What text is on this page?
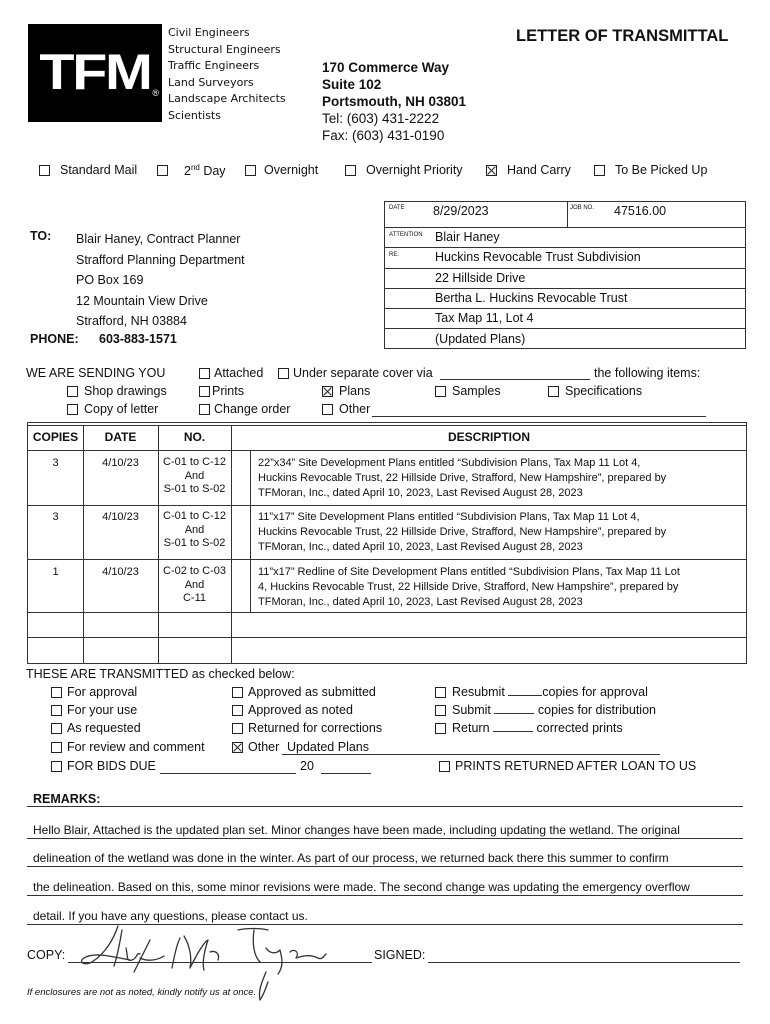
TFM ®
Civil Engineers
Structural Engineers
Traffic Engineers
Land Surveyors
Landscape Architects
Scientists
170 Commerce Way
Suite 102
Portsmouth, NH 03801
Tel: (603) 431-2222
Fax: (603) 431-0190
LETTER OF TRANSMITTAL
Standard Mail	2nd Day	Overnight	Overnight Priority	Hand Carry	To Be Picked Up
DATE 8/29/2023	JOB NO. 47516.00
ATTENTION Blair Haney
RE:	Huckins Revocable Trust Subdivision
22 Hillside Drive
Bertha L. Huckins Revocable Trust
Tax Map 11, Lot 4
(Updated Plans)
TO: Blair Haney, Contract Planner
Strafford Planning Department
PO Box 169
12 Mountain View Drive
Strafford, NH 03884
PHONE: 603-883-1571
WE ARE SENDING YOU	Attached Under separate cover via	the following items:
Shop drawings	Prints	Plans	Samples	Specifications
Copy of letter	Change order	Other
COPIES	DATE	NO.	DESCRIPTION
3	4/10/23	C-01 to C-12
And
S-01 to S-02
22”x34” Site Development Plans entitled “Subdivision Plans, Tax Map 11 Lot 4,
Huckins Revocable Trust, 22 Hillside Drive, Strafford, New Hampshire”, prepared by
TFMoran, Inc., dated April 10, 2023, Last Revised August 28, 2023
3	4/10/23	C-01 to C-12
And
S-01 to S-02
11”x17” Site Development Plans entitled “Subdivision Plans, Tax Map 11 Lot 4,
Huckins Revocable Trust, 22 Hillside Drive, Strafford, New Hampshire”, prepared by
TFMoran, Inc., dated April 10, 2023, Last Revised August 28, 2023
1	4/10/23	C-02 to C-03
And
C-11
11”x17” Redline of Site Development Plans entitled “Subdivision Plans, Tax Map 11 Lot
4, Huckins Revocable Trust, 22 Hillside Drive, Strafford, New Hampshire”, prepared by
TFMoran, Inc., dated April 10, 2023, Last Revised August 28, 2023
THESE ARE TRANSMITTED as checked below:
For approval
For your use
As requested
For review and comment
FOR BIDS DUE	20
Approved as submitted
Approved as noted
Returned for corrections
Other Updated Plans
Resubmit	copies for approval
Submit	copies for distribution
Return	corrected prints
PRINTS RETURNED AFTER LOAN TO US
REMARKS:
Hello Blair, Attached is the updated plan set. Minor changes have been made, including updating the wetland. The original
delineation of the wetland was done in the winter. As part of our process, we returned back there this summer to confirm
the delineation. Based on this, some minor revisions were made. The second change was updating the emergency overflow
detail. If you have any questions, please contact us.
COPY:	SIGNED:
If enclosures are not as noted, kindly notify us at once.
